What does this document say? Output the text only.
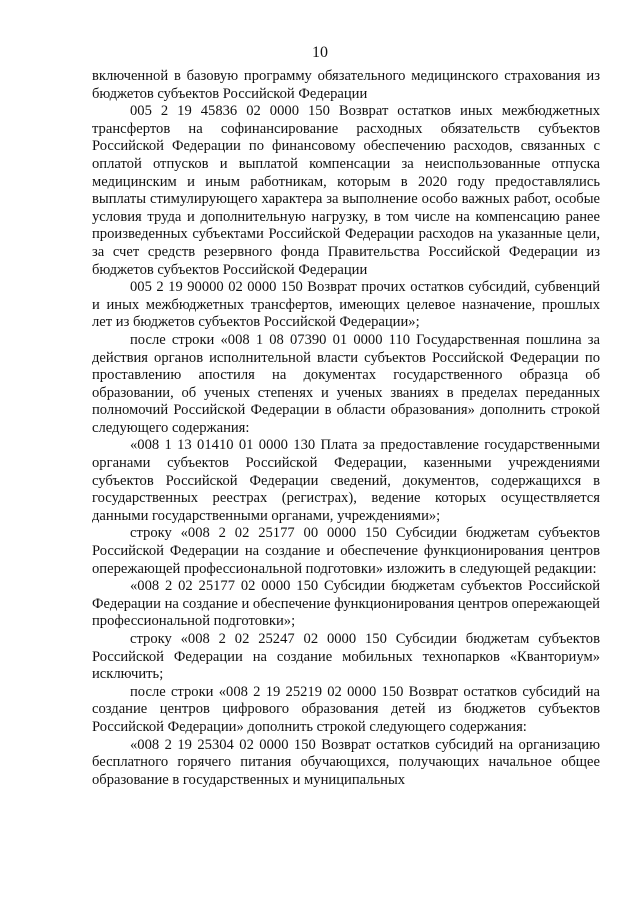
10

включенной в базовую программу обязательного медицинского страхования из бюджетов субъектов Российской Федерации

005 2 19 45836 02 0000 150 Возврат остатков иных межбюджетных трансфертов на софинансирование расходных обязательств субъектов Российской Федерации по финансовому обеспечению расходов, связанных с оплатой отпусков и выплатой компенсации за неиспользованные отпуска медицинским и иным работникам, которым в 2020 году предоставлялись выплаты стимулирующего характера за выполнение особо важных работ, особые условия труда и дополнительную нагрузку, в том числе на компенсацию ранее произведенных субъектами Российской Федерации расходов на указанные цели, за счет средств резервного фонда Правительства Российской Федерации из бюджетов субъектов Российской Федерации

005 2 19 90000 02 0000 150 Возврат прочих остатков субсидий, субвенций и иных межбюджетных трансфертов, имеющих целевое назначение, прошлых лет из бюджетов субъектов Российской Федерации»;

после строки «008 1 08 07390 01 0000 110 Государственная пошлина за действия органов исполнительной власти субъектов Российской Федерации по проставлению апостиля на документах государственного образца об образовании, об ученых степенях и ученых званиях в пределах переданных полномочий Российской Федерации в области образования» дополнить строкой следующего содержания:

«008 1 13 01410 01 0000 130 Плата за предоставление государственными органами субъектов Российской Федерации, казенными учреждениями субъектов Российской Федерации сведений, документов, содержащихся в государственных реестрах (регистрах), ведение которых осуществляется данными государственными органами, учреждениями»;

строку «008 2 02 25177 00 0000 150 Субсидии бюджетам субъектов Российской Федерации на создание и обеспечение функционирования центров опережающей профессиональной подготовки» изложить в следующей редакции:

«008 2 02 25177 02 0000 150 Субсидии бюджетам субъектов Российской Федерации на создание и обеспечение функционирования центров опережающей профессиональной подготовки»;

строку «008 2 02 25247 02 0000 150 Субсидии бюджетам субъектов Российской Федерации на создание мобильных технопарков «Кванториум» исключить;

после строки «008 2 19 25219 02 0000 150 Возврат остатков субсидий на создание центров цифрового образования детей из бюджетов субъектов Российской Федерации» дополнить строкой следующего содержания:

«008 2 19 25304 02 0000 150 Возврат остатков субсидий на организацию бесплатного горячего питания обучающихся, получающих начальное общее образование в государственных и муниципальных
